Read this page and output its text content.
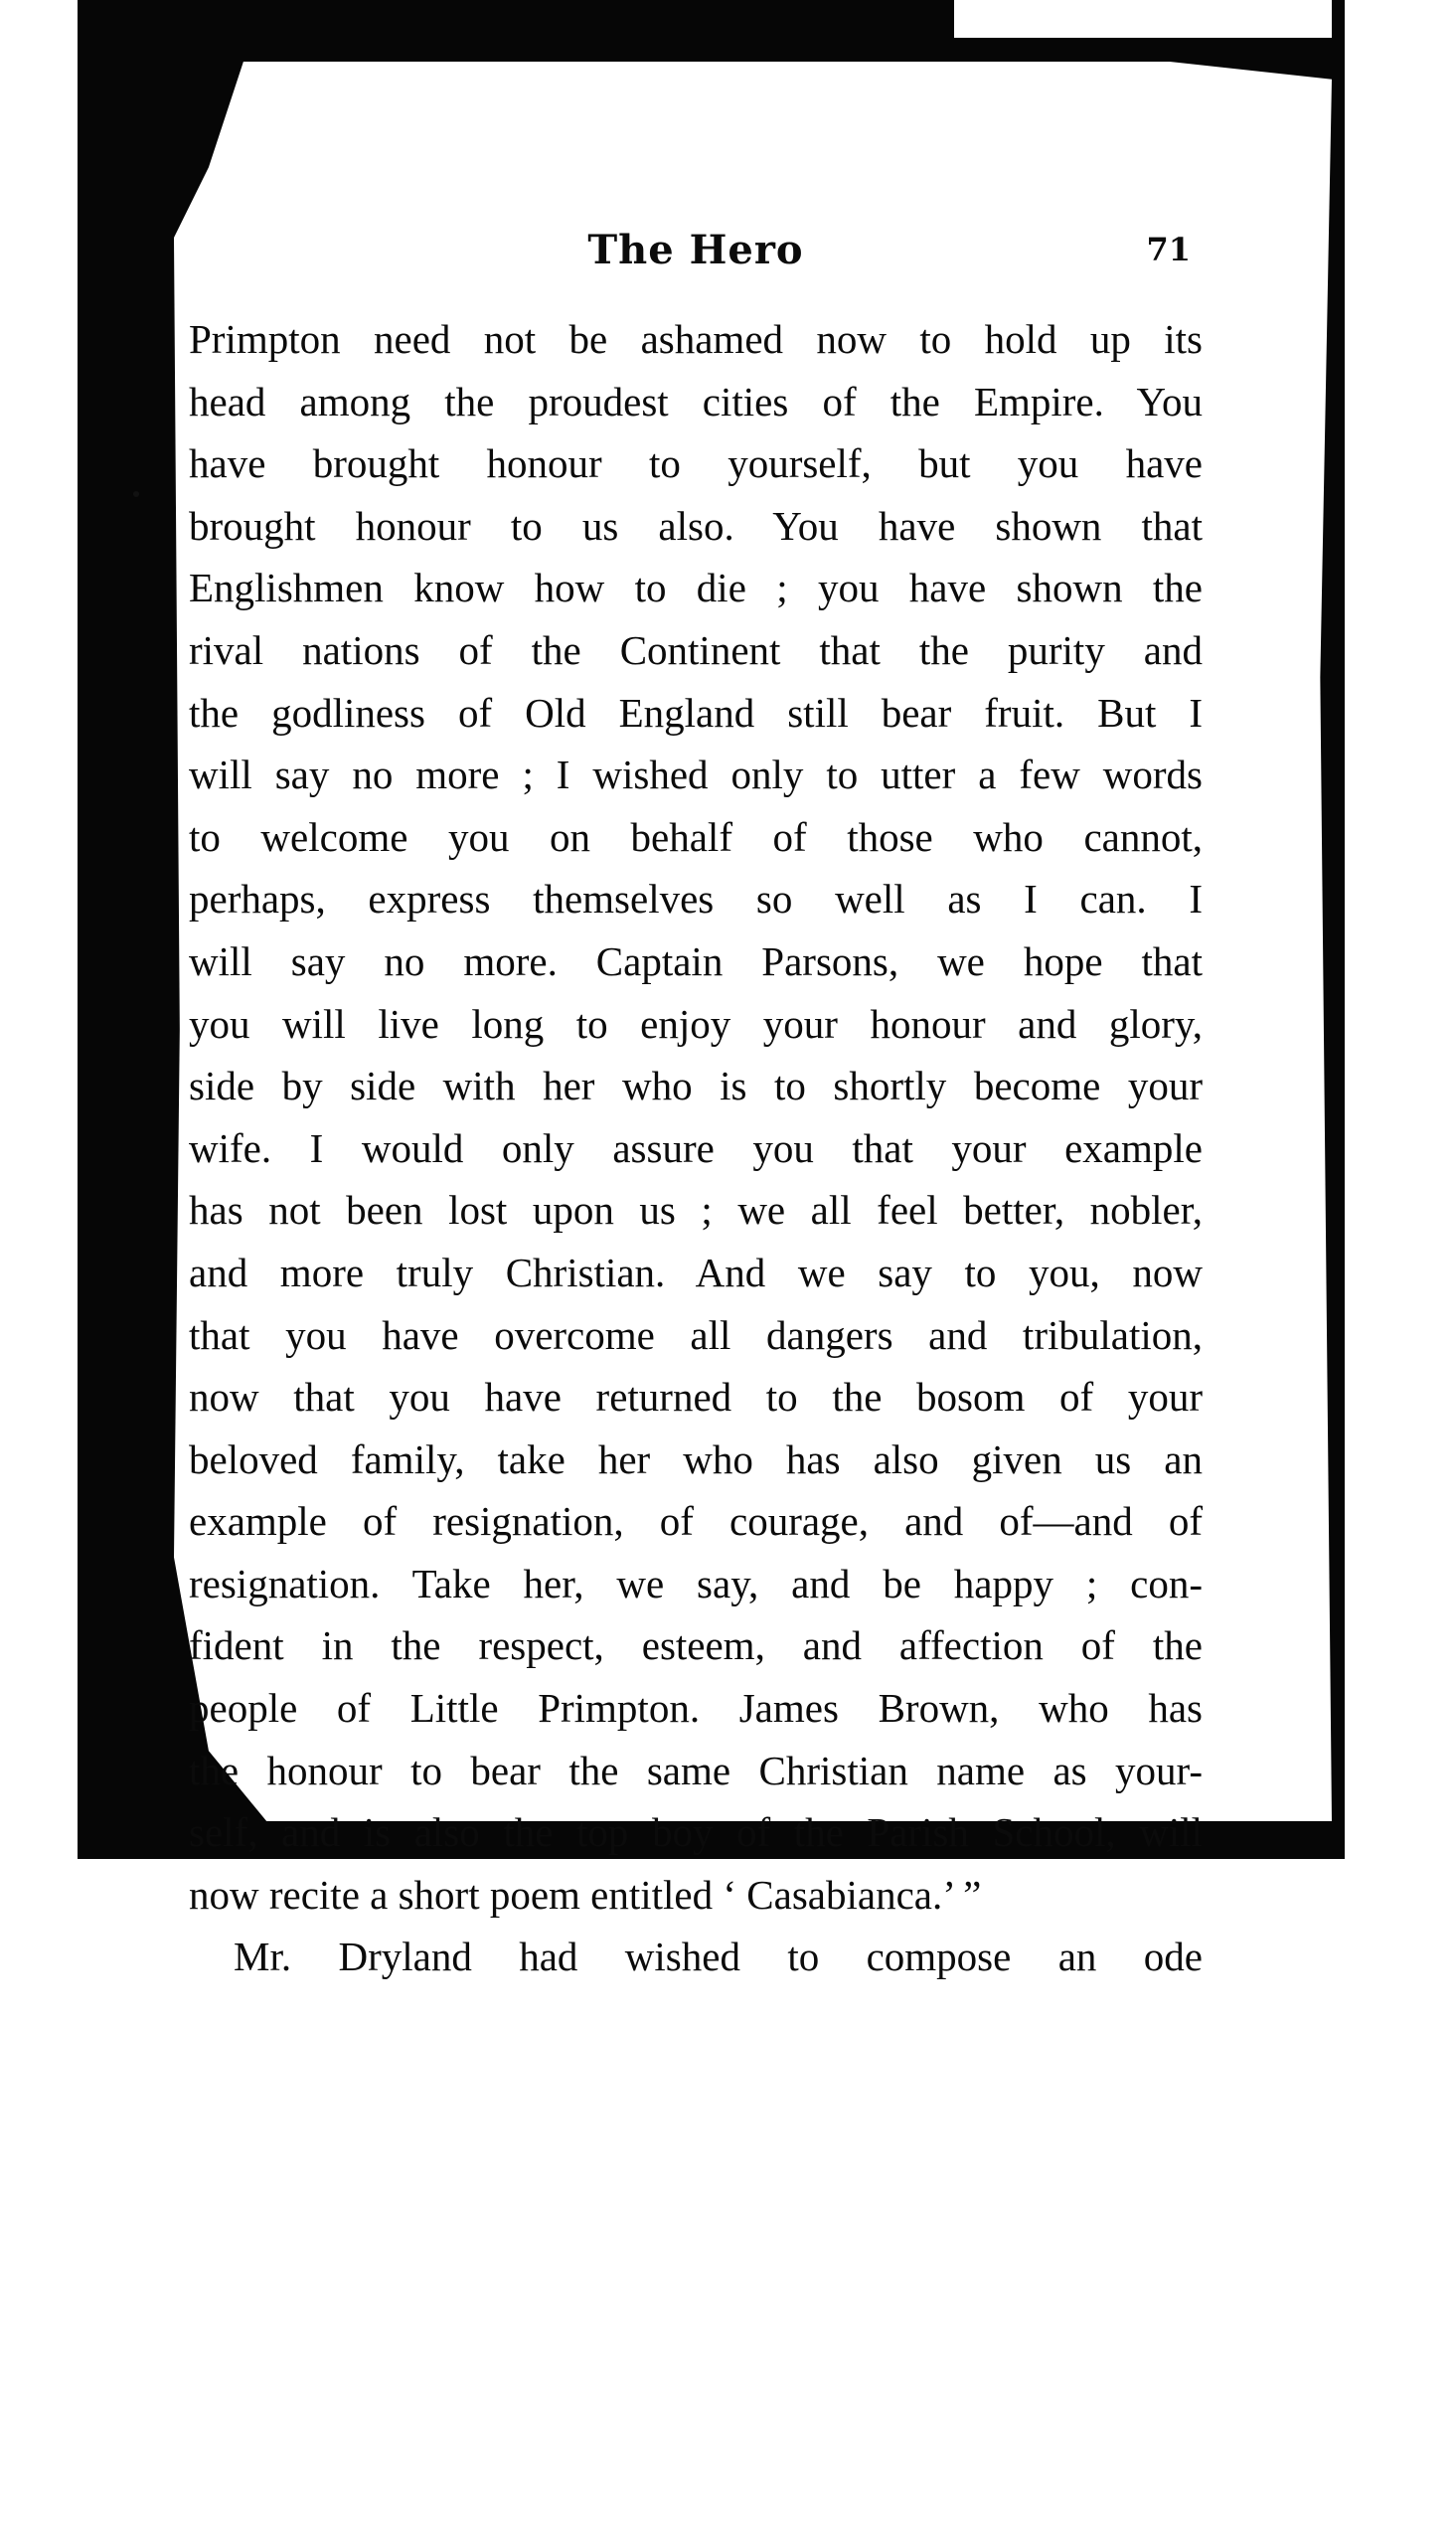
The Hero	71

Primpton need not be ashamed now to hold up its

head among the proudest cities of the Empire. You

have brought honour to yourself, but you have

brought honour to us also. You have shown that

Englishmen know how to die ; you have shown the

rival nations of the Continent that the purity and

the godliness of Old England still bear fruit. But I

will say no more ; I wished only to utter a few words

to welcome you on behalf of those who cannot,

perhaps, express themselves so well as I can. I

will say no more. Captain Parsons, we hope that

you will live long to enjoy your honour and glory,

side by side with her who is to shortly become your

wife. I would only assure you that your example

has not been lost upon us ; we all feel better, nobler,

and more truly Christian. And we say to you, now

that you have overcome all dangers and tribulation,

now that you have returned to the bosom of your

beloved family, take her who has also given us an

example of resignation, of courage, and of—and of

resignation. Take her, we say, and be happy ; con-

fident in the respect, esteem, and affection of the

people of Little Primpton. James Brown, who has

the honour to bear the same Christian name as your-

self, and is also the top boy of the Parish School, will

now recite a short poem entitled ‘ Casabianca.’ ”

Mr. Dryland had wished to compose an ode
